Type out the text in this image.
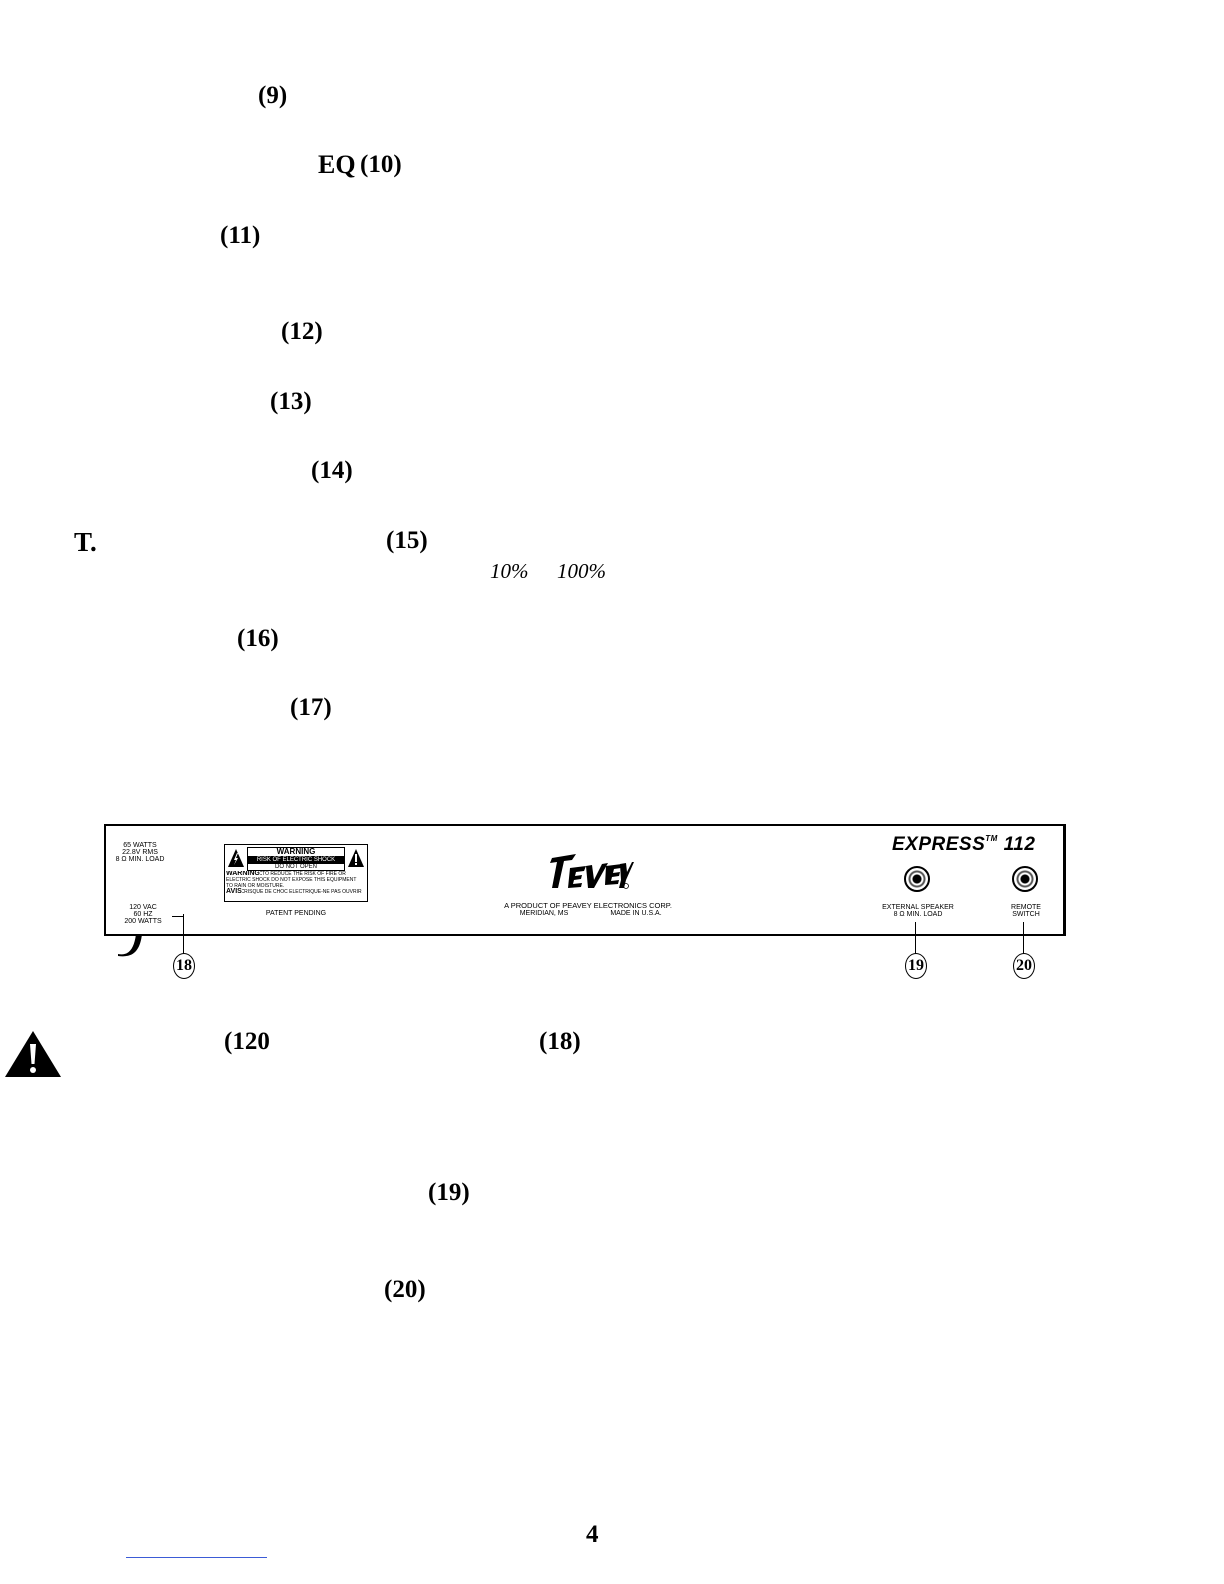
(9)
EQ (10)
(11)
(12)
(13)
(14)
T.	(15)
10% 100%
(16)
(17)
65 WATTS
22.8V RMS
8 Ω MIN. LOAD
120 VAC
60 HZ
200 WATTS
WARNING
RISK OF ELECTRIC SHOCK
DO NOT OPEN
WARNING:TO REDUCE THE RISK OF FIRE OR
ELECTRIC SHOCK DO NOT EXPOSE THIS EQUIPMENT
TO RAIN OR MOISTURE.
AVIS:RISQUE DE CHOC ELECTRIQUE-NE PAS OUVRIR
PATENT PENDING
A PRODUCT OF PEAVEY ELECTRONICS CORP.
MERIDIAN, MS	MADE IN U.S.A.
EXPRESS™ 112
EXTERNAL SPEAKER
8 Ω MIN. LOAD
REMOTE
SWITCH
18	19	20
(120	(18)
(19)
(20)
4
